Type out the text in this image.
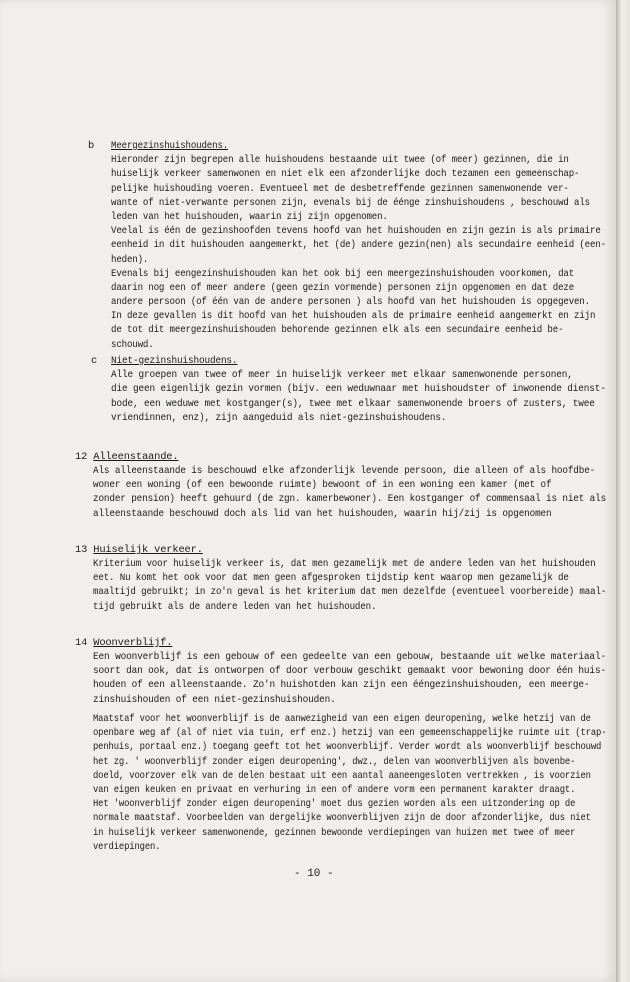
b Meergezinshuishoudens.
Hieronder zijn begrepen alle huishoudens bestaande uit twee (of meer) gezinnen, die in
huiselijk verkeer samenwonen en niet elk een afzonderlijke doch tezamen een gemeenschap-
pelijke huishouding voeren. Eventueel met de desbetreffende gezinnen samenwonende ver-
wante of niet-verwante personen zijn, evenals bij de éénge zinshuishoudens , beschouwd als
leden van het huishouden, waarin zij zijn opgenomen.
Veelal is één de gezinshoofden tevens hoofd van het huishouden en zijn gezin is als primaire
eenheid in dit huishouden aangemerkt, het (de) andere gezin(nen) als secundaire eenheid (een-
heden).
Evenals bij eengezinshuishouden kan het ook bij een meergezinshuishouden voorkomen, dat
daarin nog een of meer andere (geen gezin vormende) personen zijn opgenomen en dat deze
andere persoon (of één van de andere personen ) als hoofd van het huishouden is opgegeven.
In deze gevallen is dit hoofd van het huishouden als de primaire eenheid aangemerkt en zijn
de tot dit meergezinshuishouden behorende gezinnen elk als een secundaire eenheid be-
schouwd.
c Niet-gezinshuishoudens.
Alle groepen van twee of meer in huiselijk verkeer met elkaar samenwonende personen,
die geen eigenlijk gezin vormen (bijv. een weduwnaar met huishoudster of inwonende dienst-
bode, een weduwe met kostganger(s), twee met elkaar samenwonende broers of zusters, twee
vriendinnen, enz), zijn aangeduid als niet-gezinshuishoudens.
12 Alleenstaande.
Als alleenstaande is beschouwd elke afzonderlijk levende persoon, die alleen of als hoofdbe-
woner een woning (of een bewoonde ruimte) bewoont of in een woning een kamer (met of
zonder pension) heeft gehuurd (de zgn. kamerbewoner). Een kostganger of commensaal is niet als
alleenstaande beschouwd doch als lid van het huishouden, waarin hij/zij is opgenomen
13 Huiselijk verkeer.
Kriterium voor huiselijk verkeer is, dat men gezamelijk met de andere leden van het huishouden
eet. Nu komt het ook voor dat men geen afgesproken tijdstip kent waarop men gezamelijk de
maaltijd gebruikt; in zo'n geval is het kriterium dat men dezelfde (eventueel voorbereide) maal-
tijd gebruikt als de andere leden van het huishouden.
14 Woonverblijf.
Een woonverblijf is een gebouw of een gedeelte van een gebouw, bestaande uit welke materiaal-
soort dan ook, dat is ontworpen of door verbouw geschikt gemaakt voor bewoning door één huis-
houden of een alleenstaande. Zo'n huishotden kan zijn een ééngezinshuishouden, een meerge-
zinshuishouden of een niet-gezinshuishouden.
Maatstaf voor het woonverblijf is de aanwezigheid van een eigen deuropening, welke hetzij van de
openbare weg af (al of niet via tuin, erf enz.) hetzij van een gemeenschappelijke ruimte uit (trap-
penhuis, portaal enz.) toegang geeft tot het woonverblijf. Verder wordt als woonverblijf beschouwd
het zg. ' woonverblijf zonder eigen deuropening', dwz., delen van woonverblijven als bovenbe-
doeld, voorzover elk van de delen bestaat uit een aantal aaneengesloten vertrekken , is voorzien
van eigen keuken en privaat en verhuring in een of andere vorm een permanent karakter draagt.
Het 'woonverblijf zonder eigen deuropening' moet dus gezien worden als een uitzondering op de
normale maatstaf. Voorbeelden van dergelijke woonverblijven zijn de door afzonderlijke, dus niet
in huiselijk verkeer samenwonende, gezinnen bewoonde verdiepingen van huizen met twee of meer
verdiepingen.
- 10 -
